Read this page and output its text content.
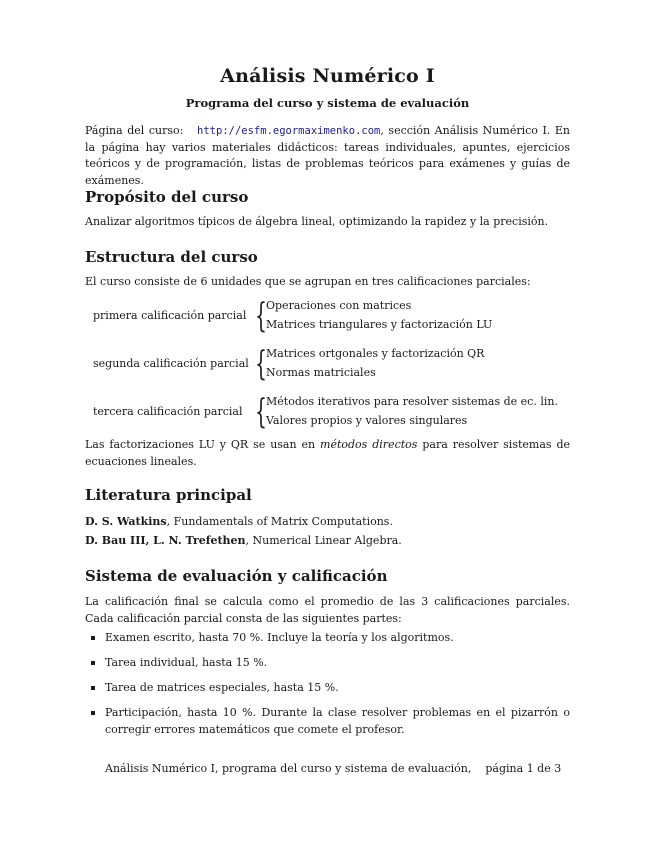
Análisis Numérico I
Programa del curso y sistema de evaluación
Página del curso: http://esfm.egormaximenko.com, sección Análisis Numérico I. En la página hay varios materiales didácticos: tareas individuales, apuntes, ejercicios teóricos y de programación, listas de problemas teóricos para exámenes y guías de exámenes.
Propósito del curso
Analizar algoritmos típicos de álgebra lineal, optimizando la rapidez y la precisión.
Estructura del curso
El curso consiste de 6 unidades que se agrupan en tres calificaciones parciales:
primera calificación parcial { Operaciones con matrices
Matrices triangulares y factorización LU
segunda calificación parcial { Matrices ortgonales y factorización QR
Normas matriciales
tercera calificación parcial { Métodos iterativos para resolver sistemas de ec. lin.
Valores propios y valores singulares
Las factorizaciones LU y QR se usan en métodos directos para resolver sistemas de ecuaciones lineales.
Literatura principal
D. S. Watkins, Fundamentals of Matrix Computations.
D. Bau III, L. N. Trefethen, Numerical Linear Algebra.
Sistema de evaluación y calificación
La calificación final se calcula como el promedio de las 3 calificaciones parciales. Cada calificación parcial consta de las siguientes partes:
Examen escrito, hasta 70 %. Incluye la teoría y los algoritmos.
Tarea individual, hasta 15 %.
Tarea de matrices especiales, hasta 15 %.
Participación, hasta 10 %. Durante la clase resolver problemas en el pizarrón o corregir errores matemáticos que comete el profesor.
Análisis Numérico I, programa del curso y sistema de evaluación, página 1 de 3
